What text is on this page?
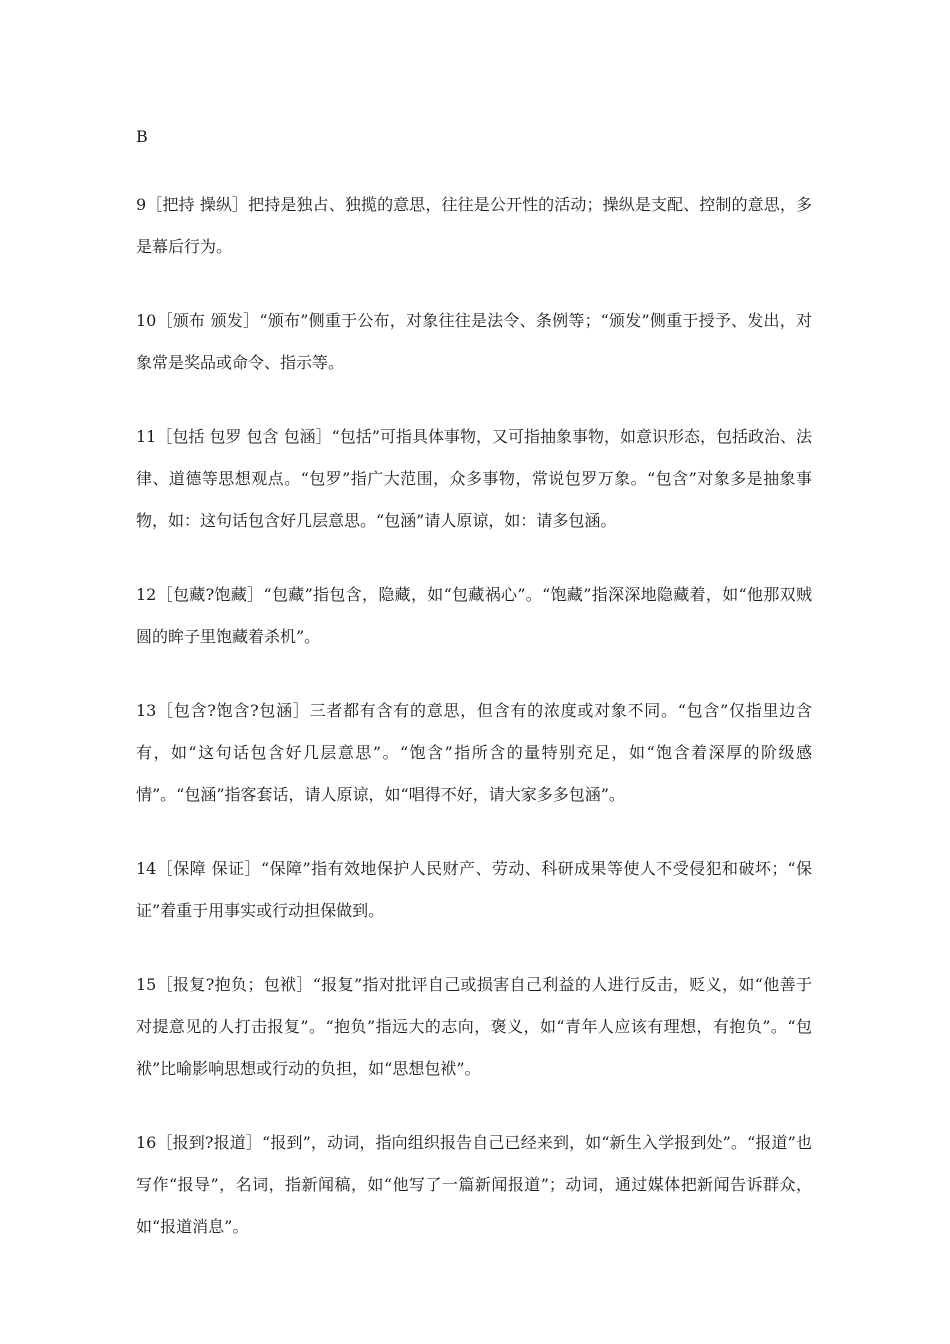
B

9［把持 操纵］把持是独占、独揽的意思，往往是公开性的活动；操纵是支配、控制的意思，多是幕后行为。

10［颁布 颁发］“颁布”侧重于公布，对象往往是法令、条例等；“颁发”侧重于授予、发出，对象常是奖品或命令、指示等。

11［包括 包罗 包含 包涵］“包括”可指具体事物，又可指抽象事物，如意识形态，包括政治、法律、道德等思想观点。“包罗”指广大范围，众多事物，常说包罗万象。“包含”对象多是抽象事物，如：这句话包含好几层意思。“包涵”请人原谅，如：请多包涵。

12［包藏?饱藏］“包藏”指包含，隐藏，如“包藏祸心”。“饱藏”指深深地隐藏着，如“他那双贼圆的眸子里饱藏着杀机”。

13［包含?饱含?包涵］三者都有含有的意思，但含有的浓度或对象不同。“包含”仅指里边含有，如“这句话包含好几层意思”。“饱含”指所含的量特别充足，如“饱含着深厚的阶级感情”。“包涵”指客套话，请人原谅，如“唱得不好，请大家多多包涵”。

14［保障 保证］“保障”指有效地保护人民财产、劳动、科研成果等使人不受侵犯和破坏；“保证”着重于用事实或行动担保做到。

15［报复?抱负；包袱］“报复”指对批评自己或损害自己利益的人进行反击，贬义，如“他善于对提意见的人打击报复”。“抱负”指远大的志向，褒义，如“青年人应该有理想，有抱负”。“包袱”比喻影响思想或行动的负担，如“思想包袱”。

16［报到?报道］“报到”，动词，指向组织报告自己已经来到，如“新生入学报到处”。“报道”也写作“报导”，名词，指新闻稿，如“他写了一篇新闻报道”；动词，通过媒体把新闻告诉群众，如“报道消息”。
